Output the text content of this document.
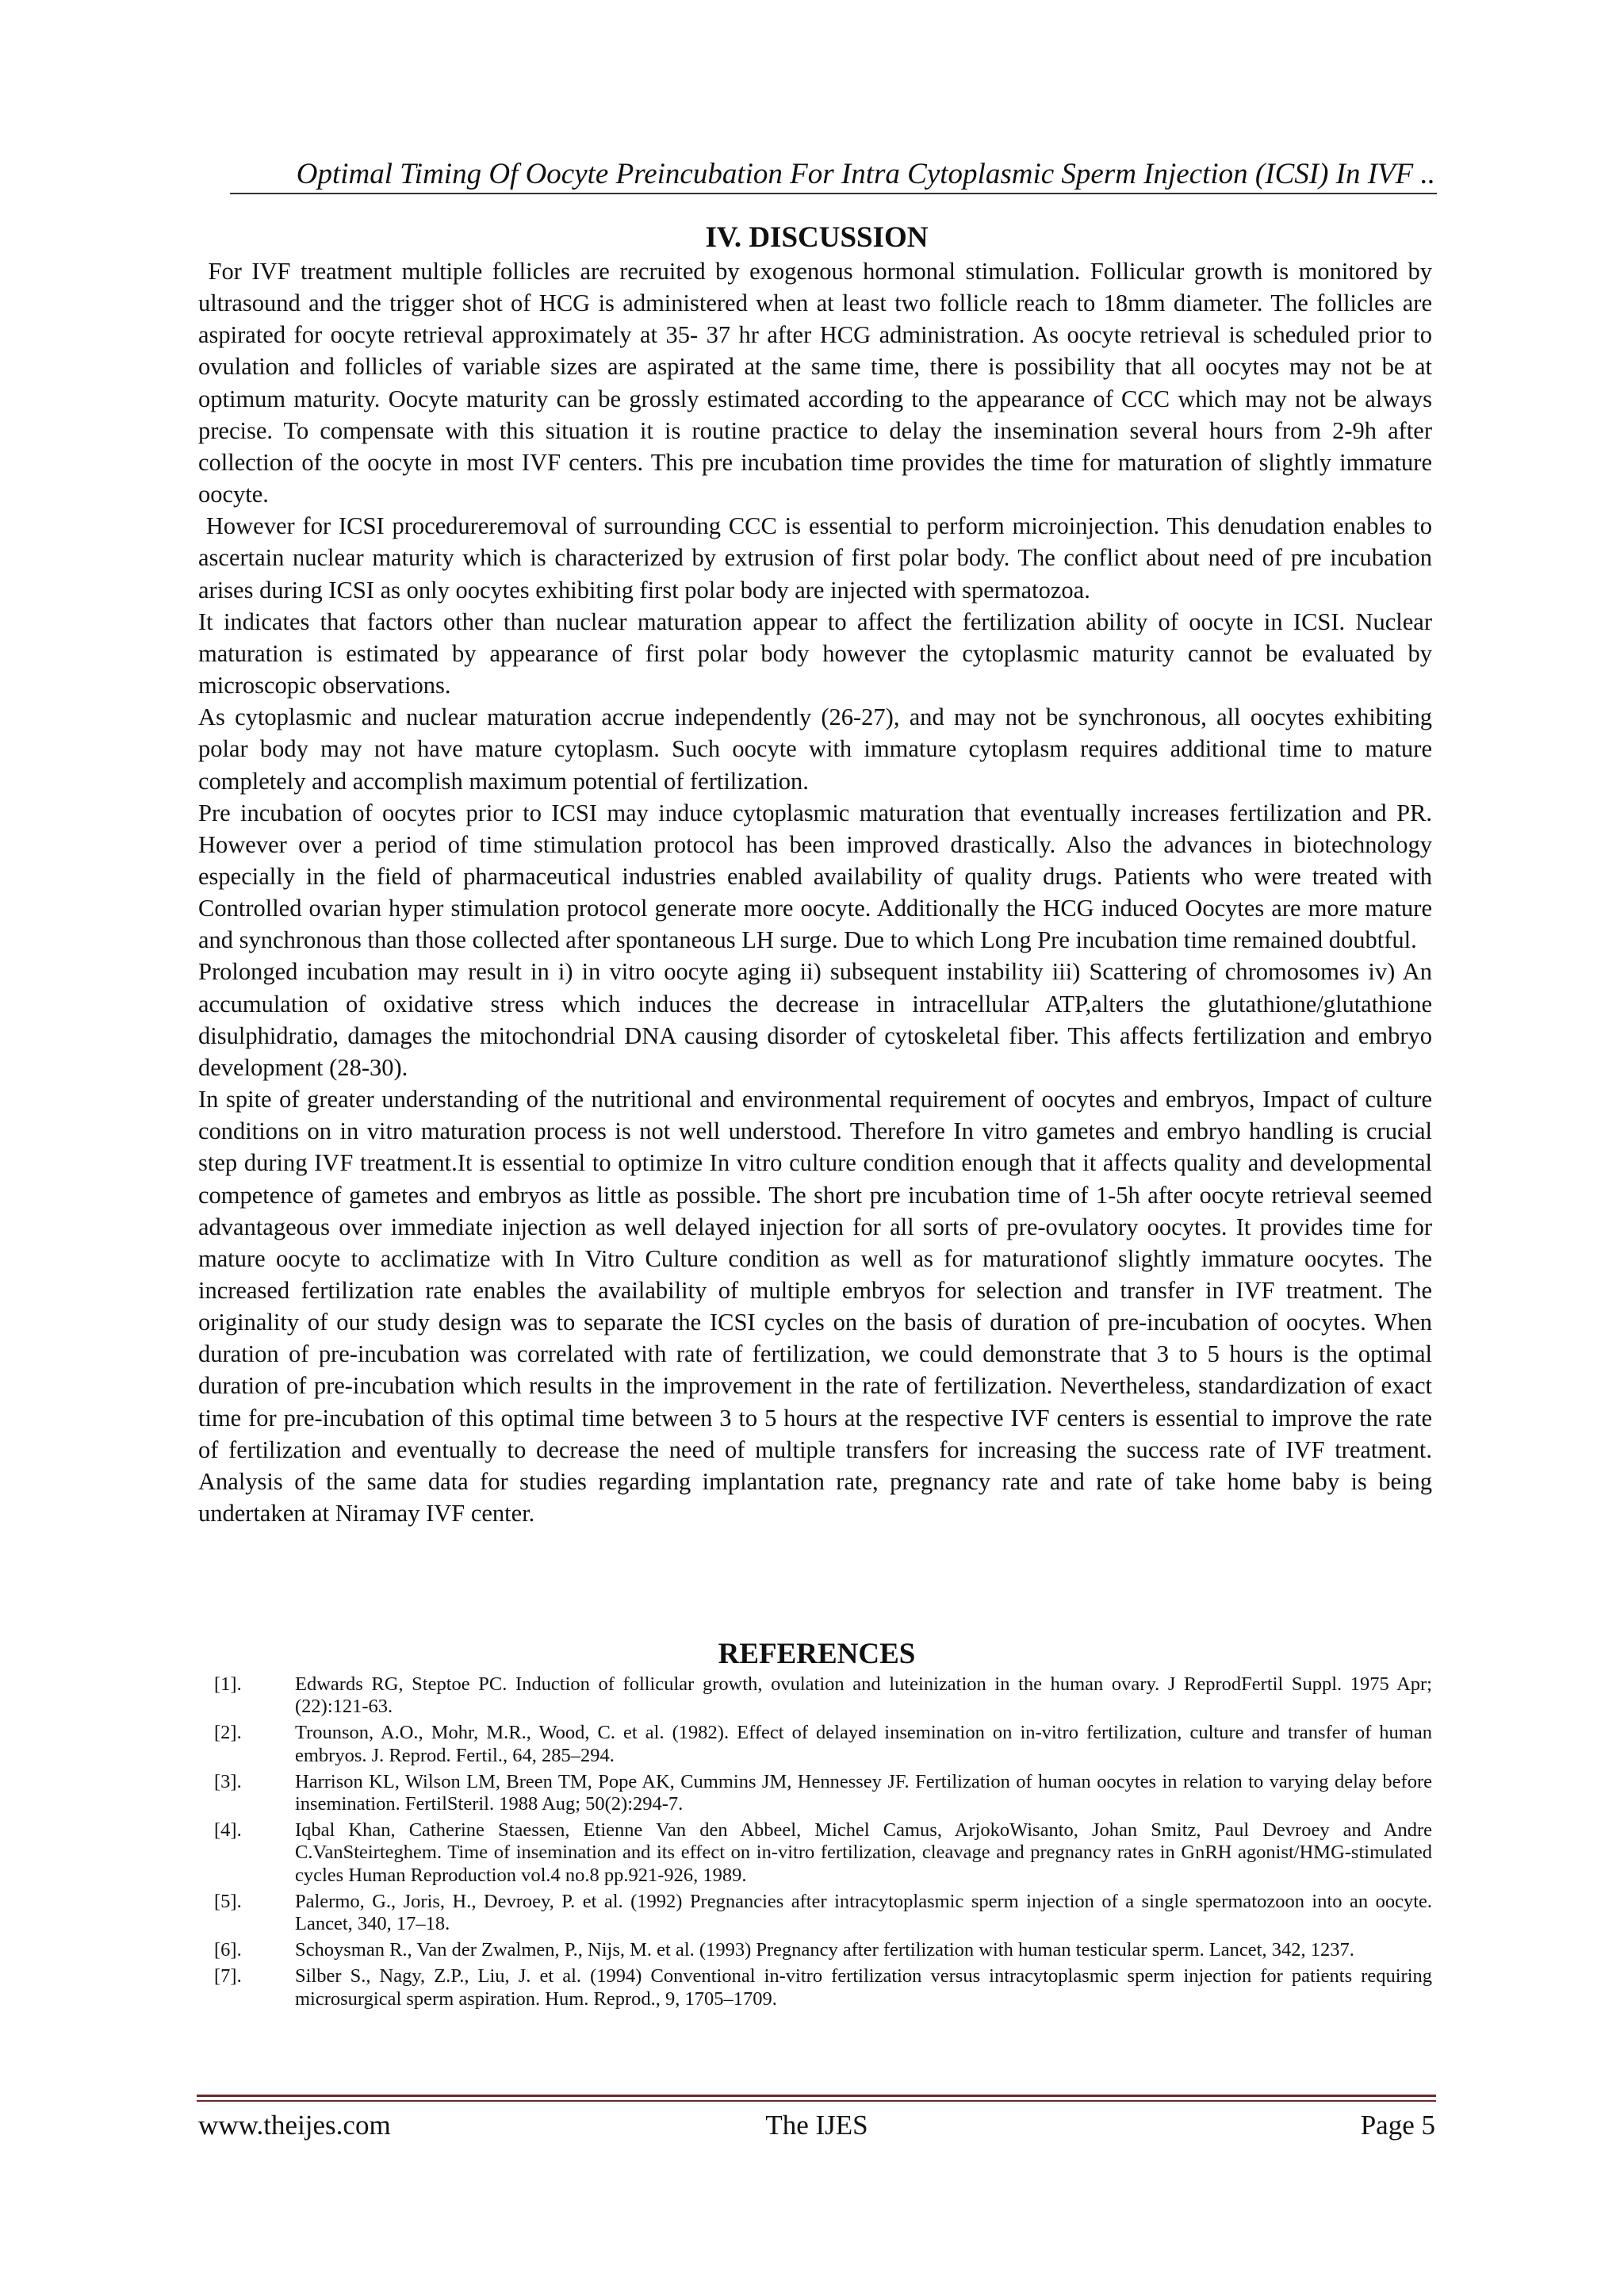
Optimal Timing Of Oocyte Preincubation For Intra Cytoplasmic Sperm Injection (ICSI) In IVF ..
IV. DISCUSSION

For IVF treatment multiple follicles are recruited by exogenous hormonal stimulation. Follicular growth is monitored by ultrasound and the trigger shot of HCG is administered when at least two follicle reach to 18mm diameter. The follicles are aspirated for oocyte retrieval approximately at 35- 37 hr after HCG administration. As oocyte retrieval is scheduled prior to ovulation and follicles of variable sizes are aspirated at the same time, there is possibility that all oocytes may not be at optimum maturity. Oocyte maturity can be grossly estimated according to the appearance of CCC which may not be always precise. To compensate with this situation it is routine practice to delay the insemination several hours from 2-9h after collection of the oocyte in most IVF centers. This pre incubation time provides the time for maturation of slightly immature oocyte.

However for ICSI procedureremoval of surrounding CCC is essential to perform microinjection. This denudation enables to ascertain nuclear maturity which is characterized by extrusion of first polar body. The conflict about need of pre incubation arises during ICSI as only oocytes exhibiting first polar body are injected with spermatozoa.

It indicates that factors other than nuclear maturation appear to affect the fertilization ability of oocyte in ICSI. Nuclear maturation is estimated by appearance of first polar body however the cytoplasmic maturity cannot be evaluated by microscopic observations.

As cytoplasmic and nuclear maturation accrue independently (26-27), and may not be synchronous, all oocytes exhibiting polar body may not have mature cytoplasm. Such oocyte with immature cytoplasm requires additional time to mature completely and accomplish maximum potential of fertilization.

Pre incubation of oocytes prior to ICSI may induce cytoplasmic maturation that eventually increases fertilization and PR. However over a period of time stimulation protocol has been improved drastically. Also the advances in biotechnology especially in the field of pharmaceutical industries enabled availability of quality drugs. Patients who were treated with Controlled ovarian hyper stimulation protocol generate more oocyte. Additionally the HCG induced Oocytes are more mature and synchronous than those collected after spontaneous LH surge. Due to which Long Pre incubation time remained doubtful.

Prolonged incubation may result in i) in vitro oocyte aging ii) subsequent instability iii) Scattering of chromosomes iv) An accumulation of oxidative stress which induces the decrease in intracellular ATP,alters the glutathione/glutathione disulphidratio, damages the mitochondrial DNA causing disorder of cytoskeletal fiber. This affects fertilization and embryo development (28-30).

In spite of greater understanding of the nutritional and environmental requirement of oocytes and embryos, Impact of culture conditions on in vitro maturation process is not well understood. Therefore In vitro gametes and embryo handling is crucial step during IVF treatment.It is essential to optimize In vitro culture condition enough that it affects quality and developmental competence of gametes and embryos as little as possible. The short pre incubation time of 1-5h after oocyte retrieval seemed advantageous over immediate injection as well delayed injection for all sorts of pre-ovulatory oocytes. It provides time for mature oocyte to acclimatize with In Vitro Culture condition as well as for maturationof slightly immature oocytes. The increased fertilization rate enables the availability of multiple embryos for selection and transfer in IVF treatment. The originality of our study design was to separate the ICSI cycles on the basis of duration of pre-incubation of oocytes. When duration of pre-incubation was correlated with rate of fertilization, we could demonstrate that 3 to 5 hours is the optimal duration of pre-incubation which results in the improvement in the rate of fertilization. Nevertheless, standardization of exact time for pre-incubation of this optimal time between 3 to 5 hours at the respective IVF centers is essential to improve the rate of fertilization and eventually to decrease the need of multiple transfers for increasing the success rate of IVF treatment. Analysis of the same data for studies regarding implantation rate, pregnancy rate and rate of take home baby is being undertaken at Niramay IVF center.

REFERENCES
[1].	Edwards RG, Steptoe PC. Induction of follicular growth, ovulation and luteinization in the human ovary. J ReprodFertil Suppl. 1975 Apr; (22):121-63.
[2].	Trounson, A.O., Mohr, M.R., Wood, C. et al. (1982). Effect of delayed insemination on in-vitro fertilization, culture and transfer of human embryos. J. Reprod. Fertil., 64, 285–294.
[3].	Harrison KL, Wilson LM, Breen TM, Pope AK, Cummins JM, Hennessey JF. Fertilization of human oocytes in relation to varying delay before insemination. FertilSteril. 1988 Aug; 50(2):294-7.
[4].	Iqbal Khan, Catherine Staessen, Etienne Van den Abbeel, Michel Camus, ArjokoWisanto, Johan Smitz, Paul Devroey and Andre C.VanSteirteghem. Time of insemination and its effect on in-vitro fertilization, cleavage and pregnancy rates in GnRH agonist/HMG-stimulated cycles Human Reproduction vol.4 no.8 pp.921-926, 1989.
[5].	Palermo, G., Joris, H., Devroey, P. et al. (1992) Pregnancies after intracytoplasmic sperm injection of a single spermatozoon into an oocyte. Lancet, 340, 17–18.
[6].	Schoysman R., Van der Zwalmen, P., Nijs, M. et al. (1993) Pregnancy after fertilization with human testicular sperm. Lancet, 342, 1237.
[7].	Silber S., Nagy, Z.P., Liu, J. et al. (1994) Conventional in-vitro fertilization versus intracytoplasmic sperm injection for patients requiring microsurgical sperm aspiration. Hum. Reprod., 9, 1705–1709.
www.theijes.com	The IJES	Page 5
